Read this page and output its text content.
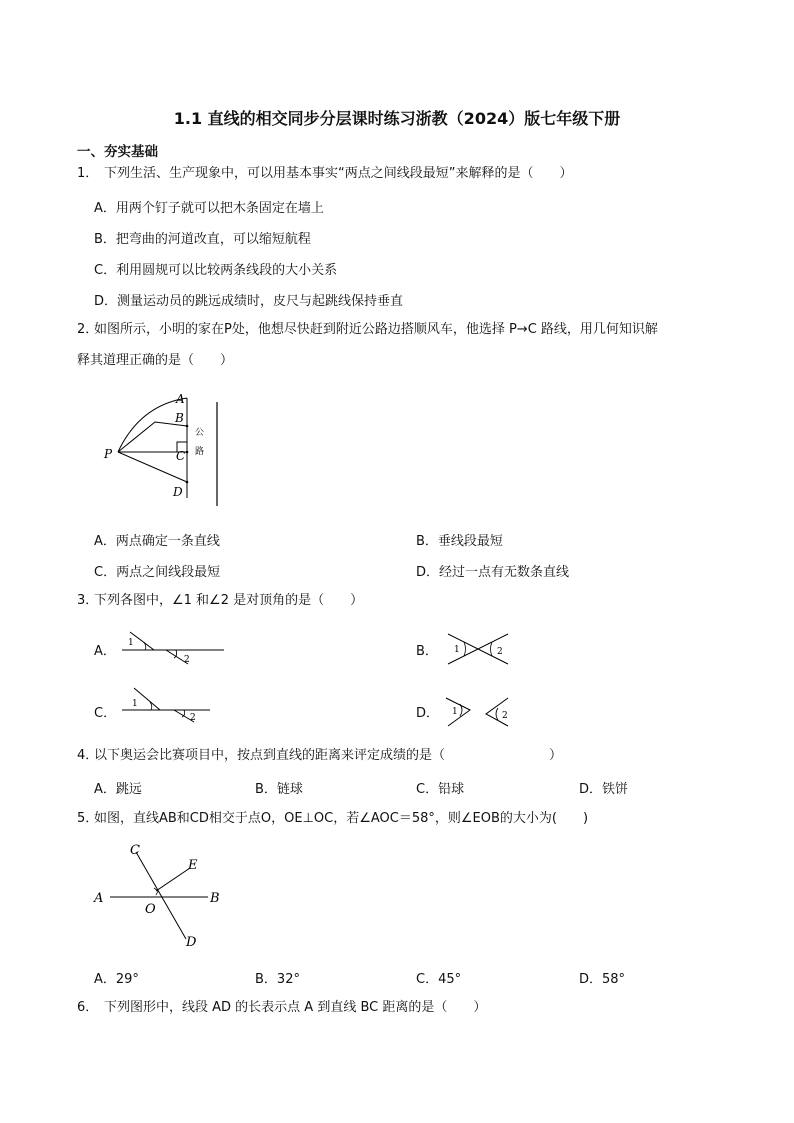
1.1 直线的相交同步分层课时练习浙教（2024）版七年级下册
一、夯实基础
1． 下列生活、生产现象中，可以用基本事实“两点之间线段最短”来解释的是（　　）
A．用两个钉子就可以把木条固定在墙上
B．把弯曲的河道改直，可以缩短航程
C．利用圆规可以比较两条线段的大小关系
D．测量运动员的跳远成绩时，皮尺与起跳线保持垂直
2．
如图所示，小明的家在P处，他想尽快赶到附近公路边搭顺风车，他选择 P→C 路线，用几何知识解
释其道理正确的是（　　）
A
B
P	C
D
公
路
A．两点确定一条直线	B．垂线段最短
C．两点之间线段最短	D．经过一点有无数条直线
3．
下列各图中，∠1 和∠2 是对顶角的是（　　）
A．
1
2
B． 1	2
C．
1
2	D． 1	2
4．
以下奥运会比赛项目中，按点到直线的距离来评定成绩的是（　　　　　　　　）
A．跳远	B．链球	C．铅球	D．铁饼
5．
如图，直线AB和CD相交于点O，OE⊥OC，若∠AOC＝58°，则∠EOB的大小为(　　)
C
E
A
O
B
D
A．29°	B．32°	C．45°	D．58°
6． 下列图形中，线段 AD 的长表示点 A 到直线 BC 距离的是（　　）
